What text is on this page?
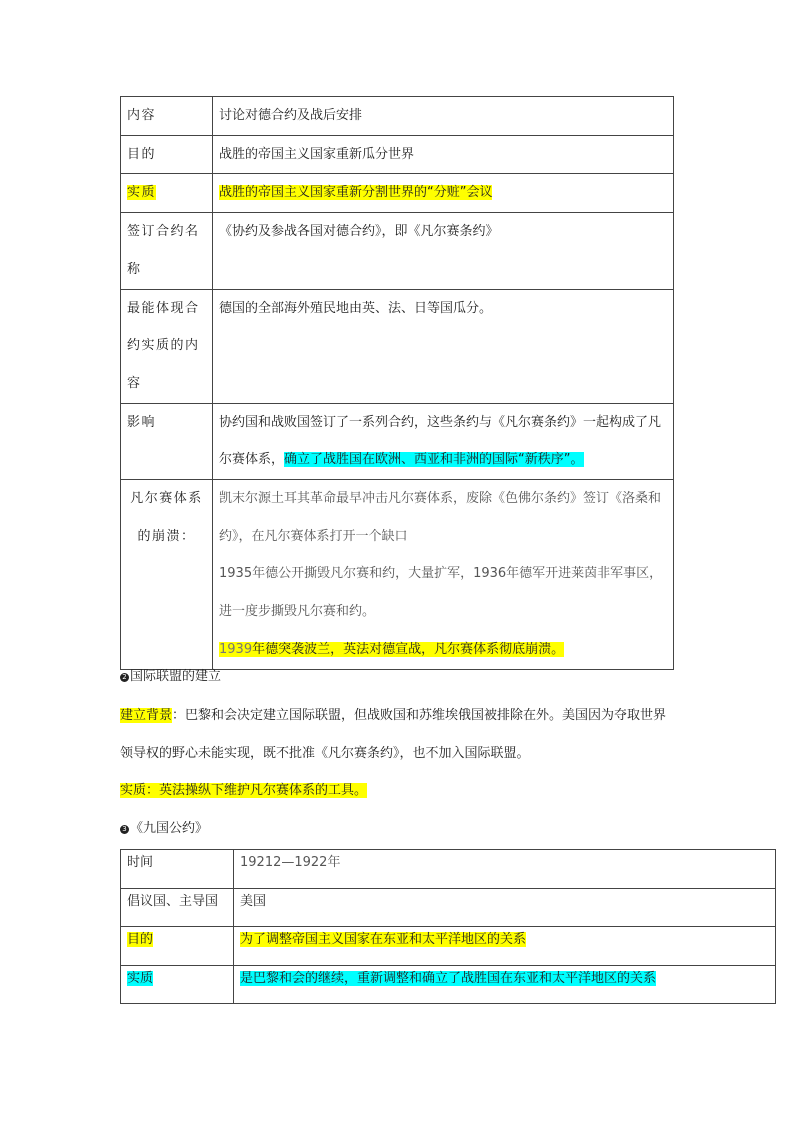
内容	讨论对德合约及战后安排
目的	战胜的帝国主义国家重新瓜分世界
实质	战胜的帝国主义国家重新分割世界的“分赃”会议
签订合约名称	《协约及参战各国对德合约》，即《凡尔赛条约》
最能体现合约实质的内容	德国的全部海外殖民地由英、法、日等国瓜分。
影响	协约国和战败国签订了一系列合约，这些条约与《凡尔赛条约》一起构成了凡尔赛体系，确立了战胜国在欧洲、西亚和非洲的国际“新秩序”。
凡尔赛体系的崩溃：	凯末尔源土耳其革命最早冲击凡尔赛体系，废除《色佛尔条约》签订《洛桑和约》，在凡尔赛体系打开一个缺口
1935年德公开撕毁凡尔赛和约，大量扩军，1936年德军开进莱茵非军事区，进一度步撕毁凡尔赛和约。
1939年德突袭波兰，英法对德宣战，凡尔赛体系彻底崩溃。
2 国际联盟的建立
建立背景：巴黎和会决定建立国际联盟，但战败国和苏维埃俄国被排除在外。美国因为夺取世界领导权的野心未能实现，既不批准《凡尔赛条约》，也不加入国际联盟。
实质：英法操纵下维护凡尔赛体系的工具。
3 《九国公约》
时间	19212—1922年
倡议国、主导国	美国
目的	为了调整帝国主义国家在东亚和太平洋地区的关系
实质	是巴黎和会的继续，重新调整和确立了战胜国在东亚和太平洋地区的关系
